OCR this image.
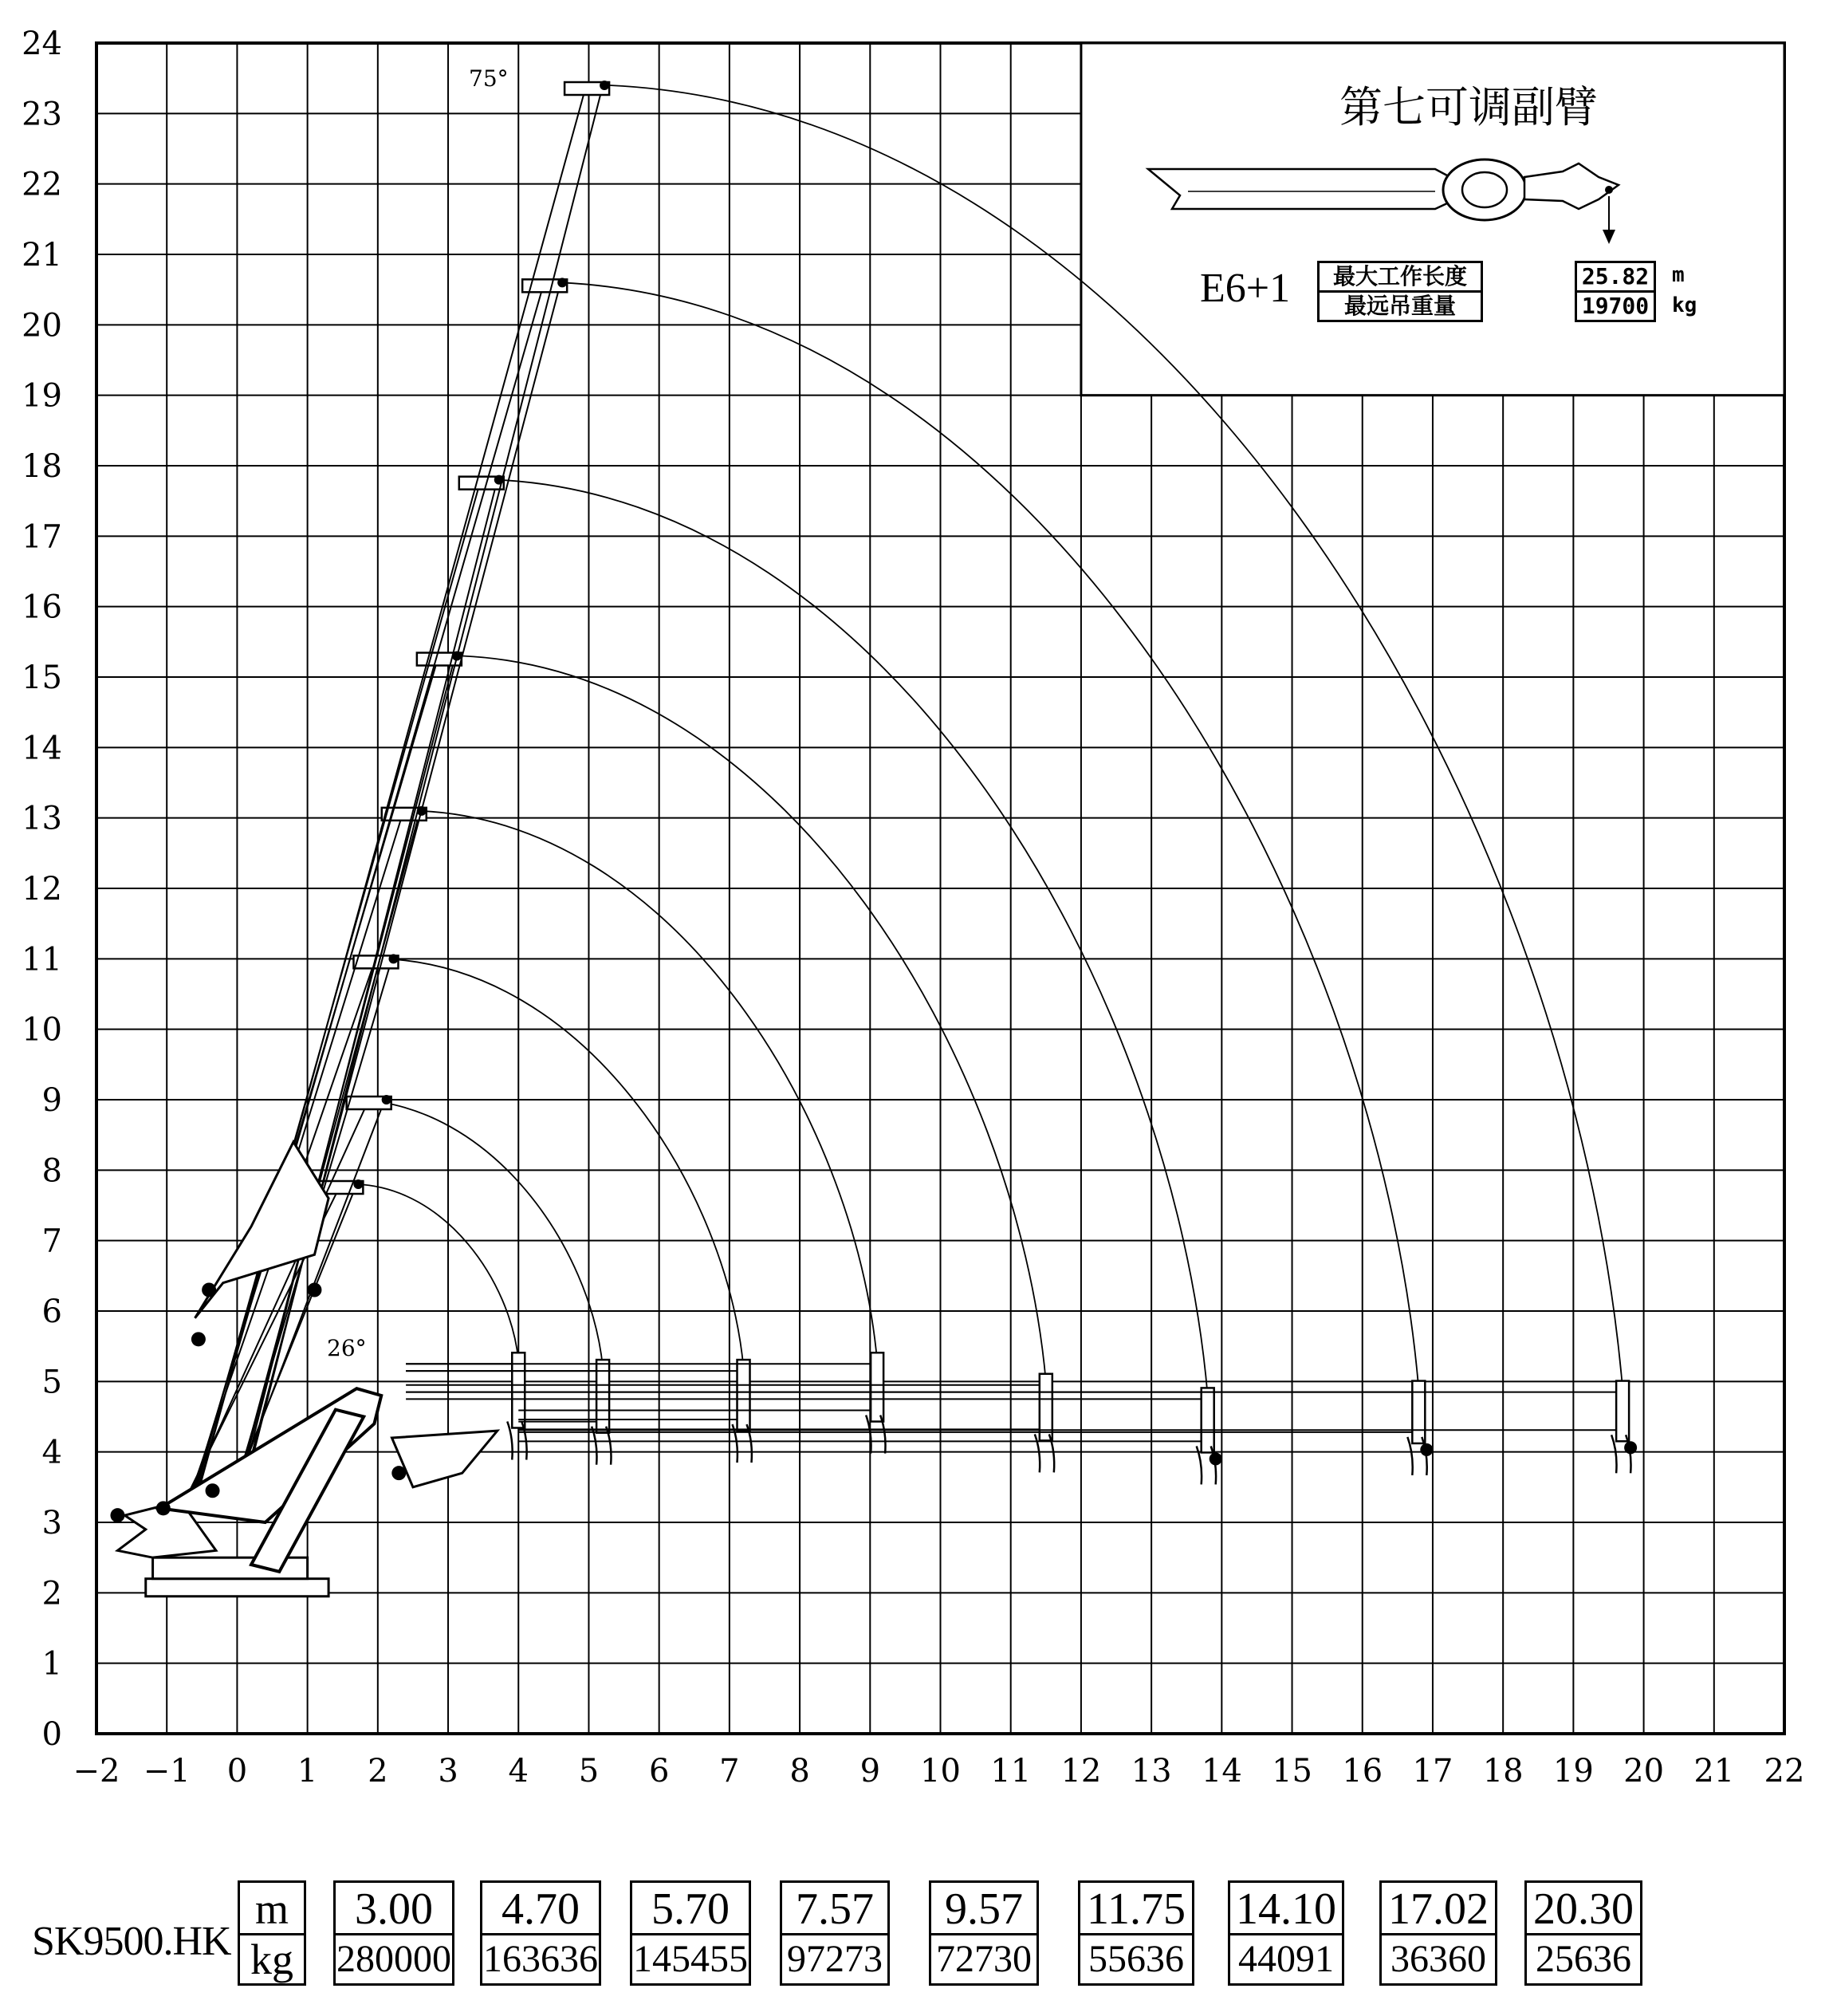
−2 −1 0 1 2 3 4 5 6 7 8 9 10 11 12 13 14 15 16 17 18 19 20 21 22
0
1
2
3
4
5
6
7
8
9
10
11
12
13
14
15
16
17
18
19
20
21
22
23
24
75°
26°
第七可调副臂
E6+1	最大工作长度
最远吊重量
25.82
19700
m
kg
SK9500.HK
m
kg
3.00
280000
4.70
163636
5.70
145455
7.57
97273
9.57
72730
11.75
55636
14.10
44091
17.02
36360
20.30
25636
